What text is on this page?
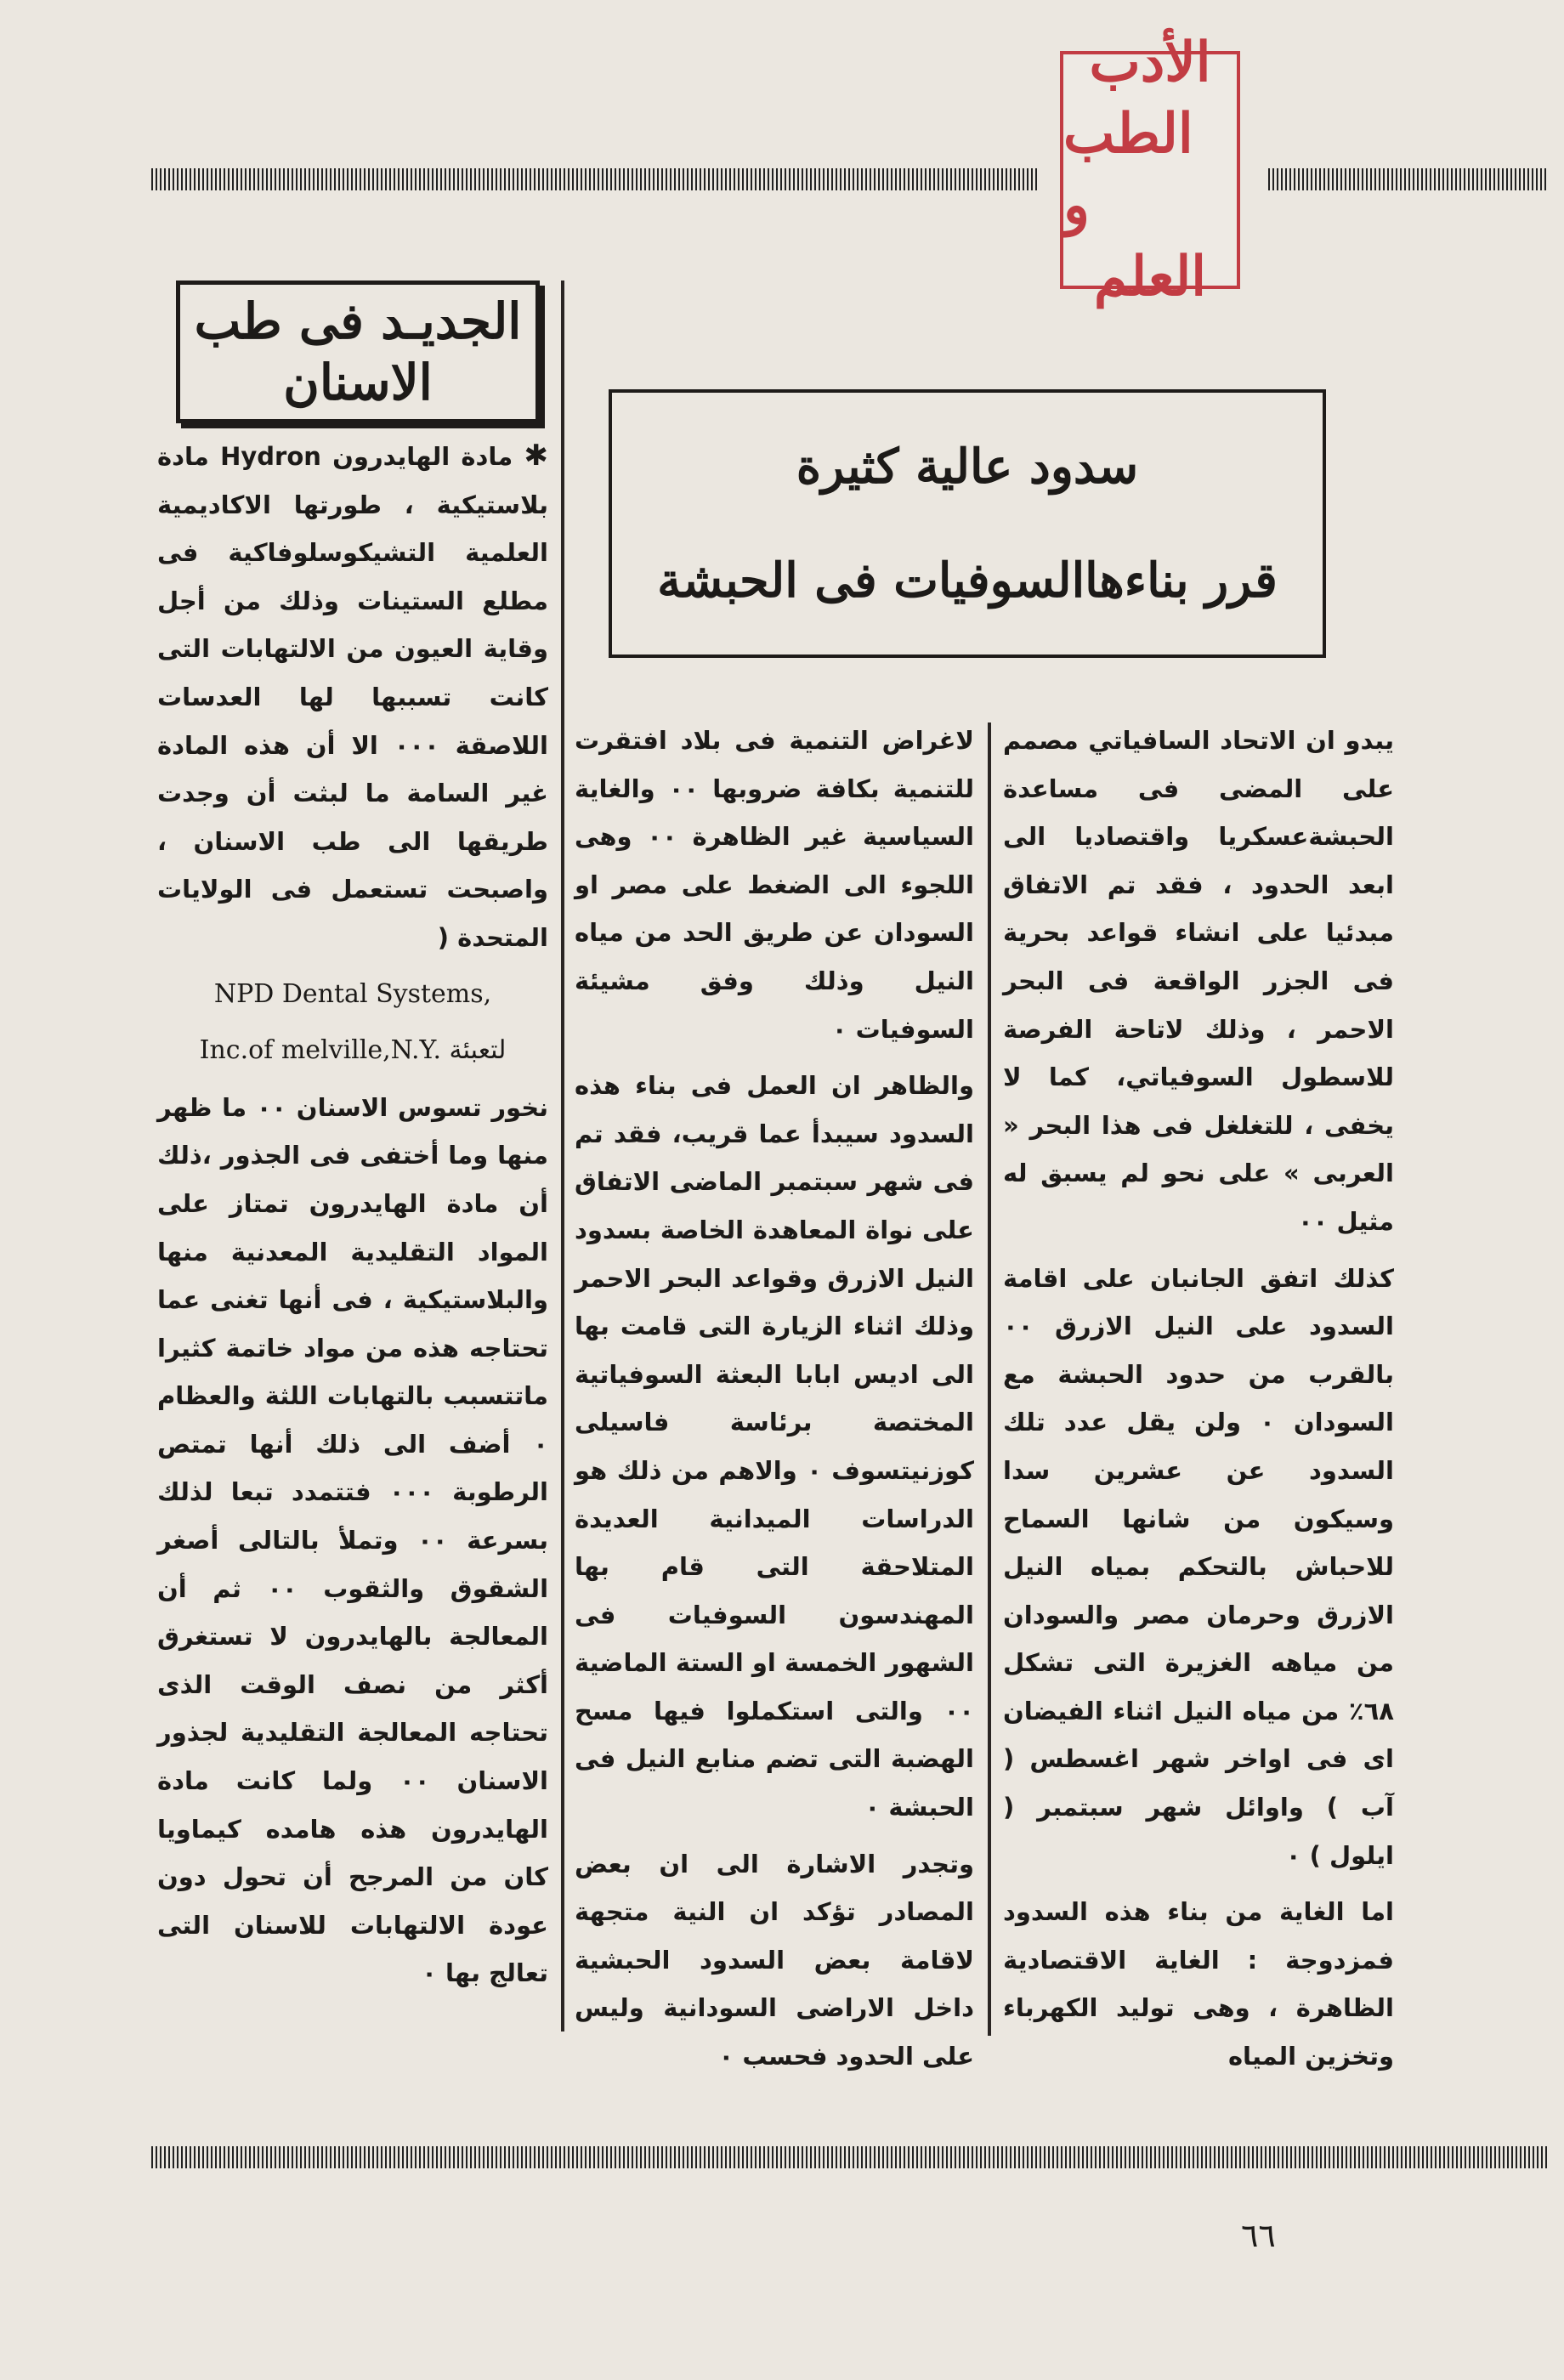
الأدب
الطب و
العلم
الجديـد فى طب
الاسنان
سدود عالية كثيرة
قرر بناءهاالسوفيات فى الحبشة

يبدو ان الاتحاد السافياتي مصمم على المضى فى مساعدة الحبشةعسكريا واقتصاديا الى ابعد الحدود ، فقد تم الاتفاق مبدئيا على انشاء قواعد بحرية فى الجزر الواقعة فى البحر الاحمر ، وذلك لاتاحة الفرصة للاسطول السوفياتي، كما لا يخفى ، للتغلغل فى هذا البحر « العربى » على نحو لم يسبق له مثيل ٠٠

كذلك اتفق الجانبان على اقامة السدود على النيل الازرق ٠٠ بالقرب من حدود الحبشة مع السودان ٠ ولن يقل عدد تلك السدود عن عشرين سدا وسيكون من شانها السماح للاحباش بالتحكم بمياه النيل الازرق وحرمان مصر والسودان من مياهه الغزيرة التى تشكل ٦٨٪ من مياه النيل اثناء الفيضان اى فى اواخر شهر اغسطس ( آب ) واوائل شهر سبتمبر ( ايلول ) ٠

اما الغاية من بناء هذه السدود فمزدوجة : الغاية الاقتصادية الظاهرة ، وهى توليد الكهرباء وتخزين المياه

لاغراض التنمية فى بلاد افتقرت للتنمية بكافة ضروبها ٠٠ والغاية السياسية غير الظاهرة ٠٠ وهى اللجوء الى الضغط على مصر او السودان عن طريق الحد من مياه النيل وذلك وفق مشيئة السوفيات ٠

والظاهر ان العمل فى بناء هذه السدود سيبدأ عما قريب، فقد تم فى شهر سبتمبر الماضى الاتفاق على نواة المعاهدة الخاصة بسدود النيل الازرق وقواعد البحر الاحمر وذلك اثناء الزيارة التى قامت بها الى اديس ابابا البعثة السوفياتية المختصة برئاسة فاسيلى كوزنيتسوف ٠ والاهم من ذلك هو الدراسات الميدانية العديدة المتلاحقة التى قام بها المهندسون السوفيات فى الشهور الخمسة او الستة الماضية ٠٠ والتى استكملوا فيها مسح الهضبة التى تضم منابع النيل فى الحبشة ٠

وتجدر الاشارة الى ان بعض المصادر تؤكد ان النية متجهة لاقامة بعض السدود الحبشية داخل الاراضى السودانية وليس على الحدود فحسب ٠

✱ مادة الهايدرون Hydron مادة بلاستيكية ، طورتها الاكاديمية العلمية التشيكوسلوفاكية فى مطلع الستينات وذلك من أجل وقاية العيون من الالتهابات التى كانت تسببها لها العدسات اللاصقة ٠٠٠ الا أن هذه المادة غير السامة ما لبثت أن وجدت طريقها الى طب الاسنان ، واصبحت تستعمل فى الولايات المتحدة (

NPD Dental Systems,

Inc.of melville,N.Y. لتعبئة

نخور تسوس الاسنان ٠٠ ما ظهر منها وما أختفى فى الجذور ،ذلك أن مادة الهايدرون تمتاز على المواد التقليدية المعدنية منها والبلاستيكية ، فى أنها تغنى عما تحتاجه هذه من مواد خاتمة كثيرا ماتتسبب بالتهابات اللثة والعظام ٠ أضف الى ذلك أنها تمتص الرطوبة ٠٠٠ فتتمدد تبعا لذلك بسرعة ٠٠ وتملأ بالتالى أصغر الشقوق والثقوب ٠٠ ثم أن المعالجة بالهايدرون لا تستغرق أكثر من نصف الوقت الذى تحتاجه المعالجة التقليدية لجذور الاسنان ٠٠ ولما كانت مادة الهايدرون هذه هامده كيماويا كان من المرجح أن تحول دون عودة الالتهابات للاسنان التى تعالج بها ٠

٦٦
